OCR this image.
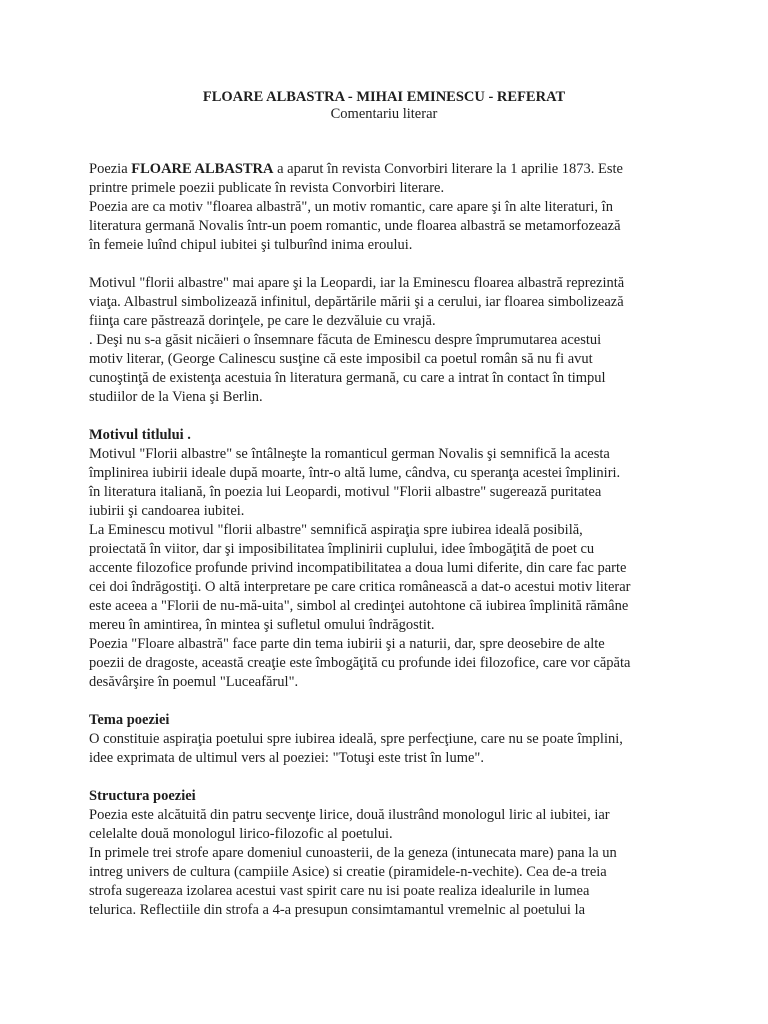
FLOARE ALBASTRA - MIHAI EMINESCU - REFERAT
Comentariu literar
Poezia FLOARE ALBASTRA a aparut în revista Convorbiri literare la 1 aprilie 1873. Este
printre primele poezii publicate în revista Convorbiri literare.
Poezia are ca motiv "floarea albastră", un motiv romantic, care apare şi în alte literaturi, în
literatura germană Novalis într-un poem romantic, unde floarea albastră se metamorfozează
în femeie luînd chipul iubitei şi tulburînd inima eroului.
Motivul "florii albastre" mai apare şi la Leopardi, iar la Eminescu floarea albastră reprezintă
viaţa. Albastrul simbolizează infinitul, depărtările mării şi a cerului, iar floarea simbolizează
fiinţa care păstrează dorinţele, pe care le dezvăluie cu vrajă.
. Deşi nu s-a găsit nicăieri o însemnare făcuta de Eminescu despre împrumutarea acestui
motiv literar, (George Calinescu susţine că este imposibil ca poetul român să nu fi avut
cunoştinţă de existenţa acestuia în literatura germană, cu care a intrat în contact în timpul
studiilor de la Viena şi Berlin.
Motivul titlului .
Motivul "Florii albastre" se întâlneşte la romanticul german Novalis şi semnifică la acesta
împlinirea iubirii ideale după moarte, într-o altă lume, cândva, cu speranţa acestei împliniri.
în literatura italiană, în poezia lui Leopardi, motivul "Florii albastre" sugerează puritatea
iubirii şi candoarea iubitei.
La Eminescu motivul "florii albastre" semnifică aspiraţia spre iubirea ideală posibilă,
proiectată în viitor, dar şi imposibilitatea împlinirii cuplului, idee îmbogăţită de poet cu
accente filozofice profunde privind incompatibilitatea a doua lumi diferite, din care fac parte
cei doi îndrăgostiţi. O altă interpretare pe care critica românească a dat-o acestui motiv literar
este aceea a "Florii de nu-mă-uita", simbol al credinţei autohtone că iubirea împlinită rămâne
mereu în amintirea, în mintea şi sufletul omului îndrăgostit.
Poezia "Floare albastră" face parte din tema iubirii şi a naturii, dar, spre deosebire de alte
poezii de dragoste, această creaţie este îmbogăţită cu profunde idei filozofice, care vor căpăta
desăvârşire în poemul "Luceafărul".
Tema poeziei
O constituie aspiraţia poetului spre iubirea ideală, spre perfecţiune, care nu se poate împlini,
idee exprimata de ultimul vers al poeziei: "Totuşi este trist în lume".
Structura poeziei
Poezia este alcătuită din patru secvenţe lirice, două ilustrând monologul liric al iubitei, iar
celelalte două monologul lirico-filozofic al poetului.
In primele trei strofe apare domeniul cunoasterii, de la geneza (intunecata mare) pana la un
intreg univers de cultura (campiile Asice) si creatie (piramidele-n-vechite). Cea de-a treia
strofa sugereaza izolarea acestui vast spirit care nu isi poate realiza idealurile in lumea
telurica. Reflectiile din strofa a 4-a presupun consimtamantul vremelnic al poetului la
